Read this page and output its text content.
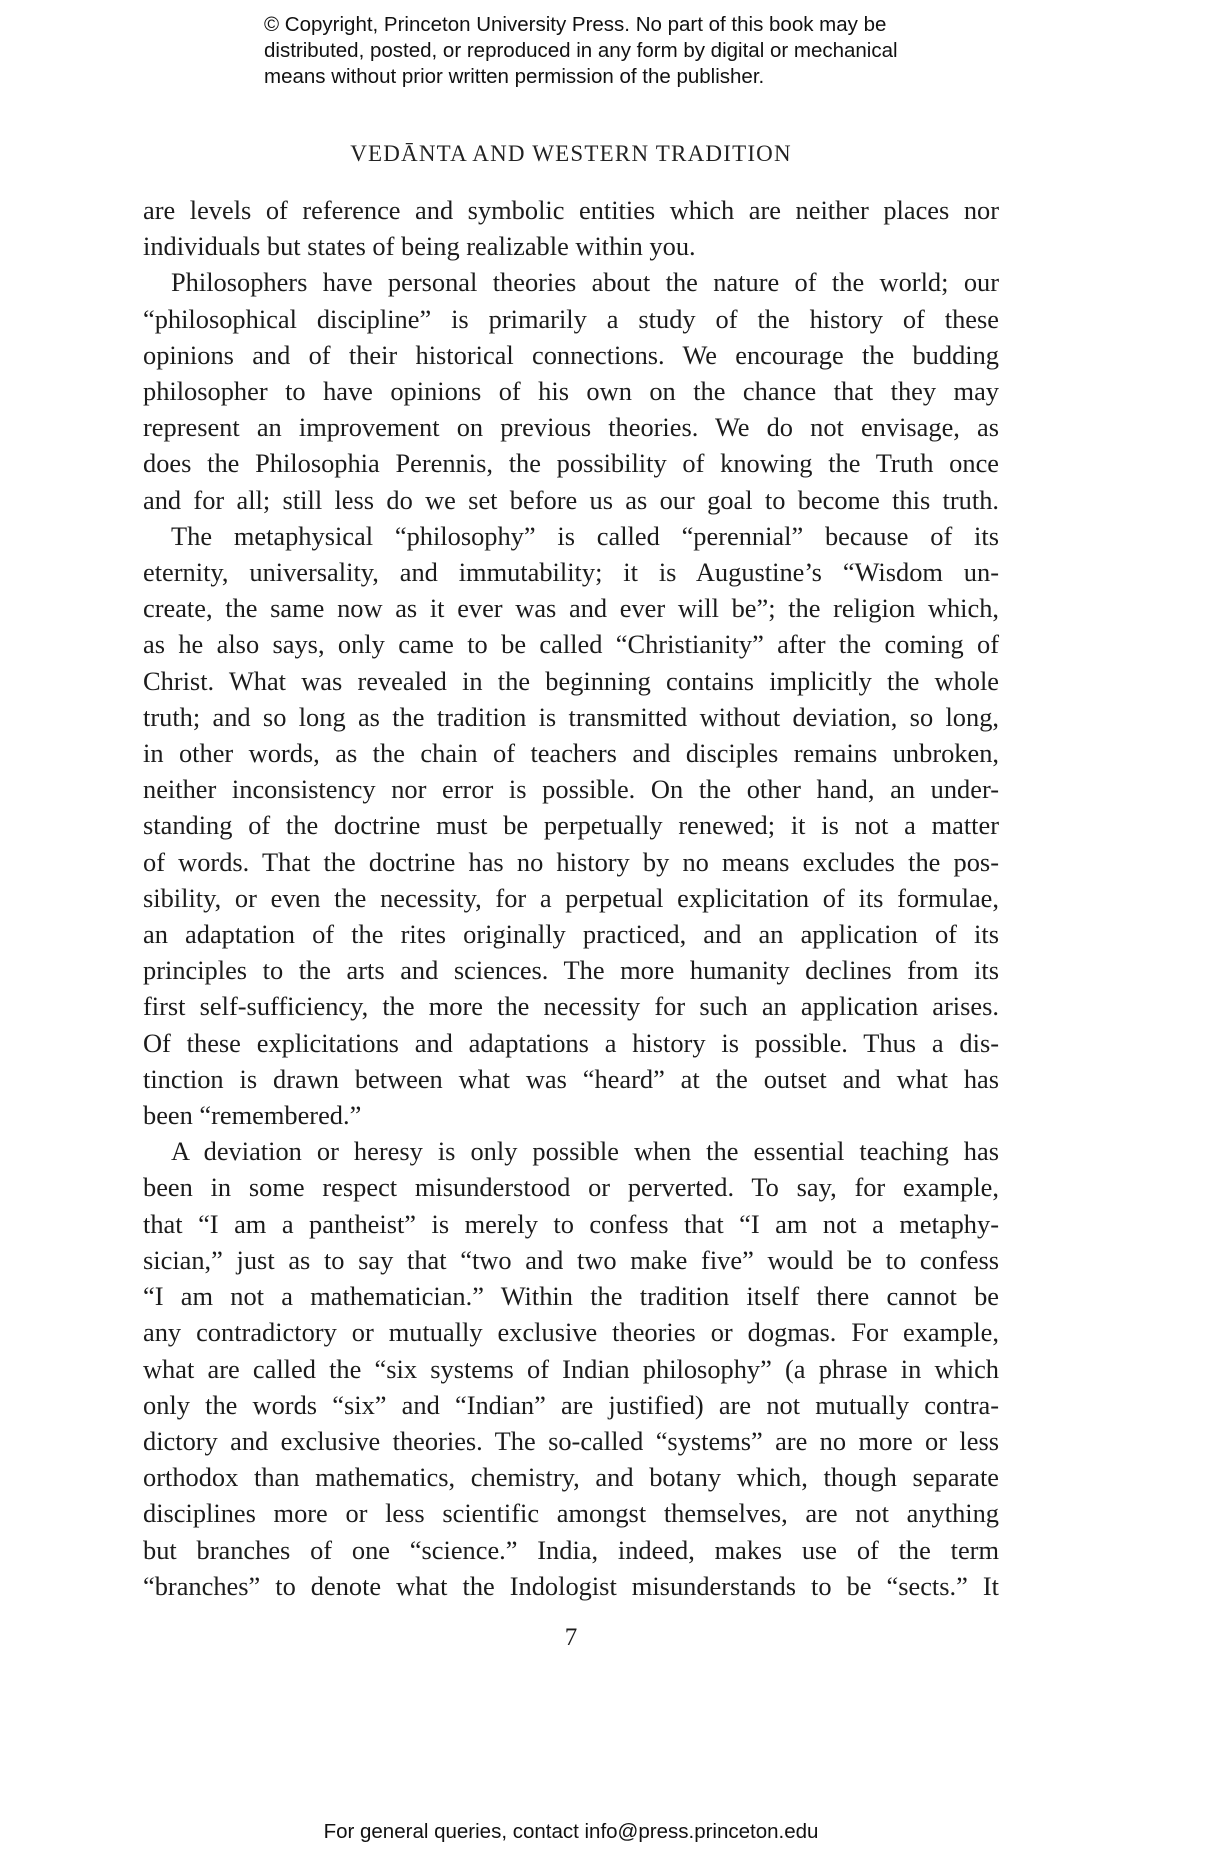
© Copyright, Princeton University Press. No part of this book may be
distributed, posted, or reproduced in any form by digital or mechanical
means without prior written permission of the publisher.
VEDĀNTA AND WESTERN TRADITION
are levels of reference and symbolic entities which are neither places nor
individuals but states of being realizable within you.
Philosophers have personal theories about the nature of the world; our
“philosophical discipline” is primarily a study of the history of these
opinions and of their historical connections. We encourage the budding
philosopher to have opinions of his own on the chance that they may
represent an improvement on previous theories. We do not envisage, as
does the Philosophia Perennis, the possibility of knowing the Truth once
and for all; still less do we set before us as our goal to become this truth.
The metaphysical “philosophy” is called “perennial” because of its
eternity, universality, and immutability; it is Augustine’s “Wisdom un-
create, the same now as it ever was and ever will be”; the religion which,
as he also says, only came to be called “Christianity” after the coming of
Christ. What was revealed in the beginning contains implicitly the whole
truth; and so long as the tradition is transmitted without deviation, so long,
in other words, as the chain of teachers and disciples remains unbroken,
neither inconsistency nor error is possible. On the other hand, an under-
standing of the doctrine must be perpetually renewed; it is not a matter
of words. That the doctrine has no history by no means excludes the pos-
sibility, or even the necessity, for a perpetual explicitation of its formulae,
an adaptation of the rites originally practiced, and an application of its
principles to the arts and sciences. The more humanity declines from its
first self-sufficiency, the more the necessity for such an application arises.
Of these explicitations and adaptations a history is possible. Thus a dis-
tinction is drawn between what was “heard” at the outset and what has
been “remembered.”
A deviation or heresy is only possible when the essential teaching has
been in some respect misunderstood or perverted. To say, for example,
that “I am a pantheist” is merely to confess that “I am not a metaphy-
sician,” just as to say that “two and two make five” would be to confess
“I am not a mathematician.” Within the tradition itself there cannot be
any contradictory or mutually exclusive theories or dogmas. For example,
what are called the “six systems of Indian philosophy” (a phrase in which
only the words “six” and “Indian” are justified) are not mutually contra-
dictory and exclusive theories. The so-called “systems” are no more or less
orthodox than mathematics, chemistry, and botany which, though separate
disciplines more or less scientific amongst themselves, are not anything
but branches of one “science.” India, indeed, makes use of the term
“branches” to denote what the Indologist misunderstands to be “sects.” It
7
For general queries, contact info@press.princeton.edu
